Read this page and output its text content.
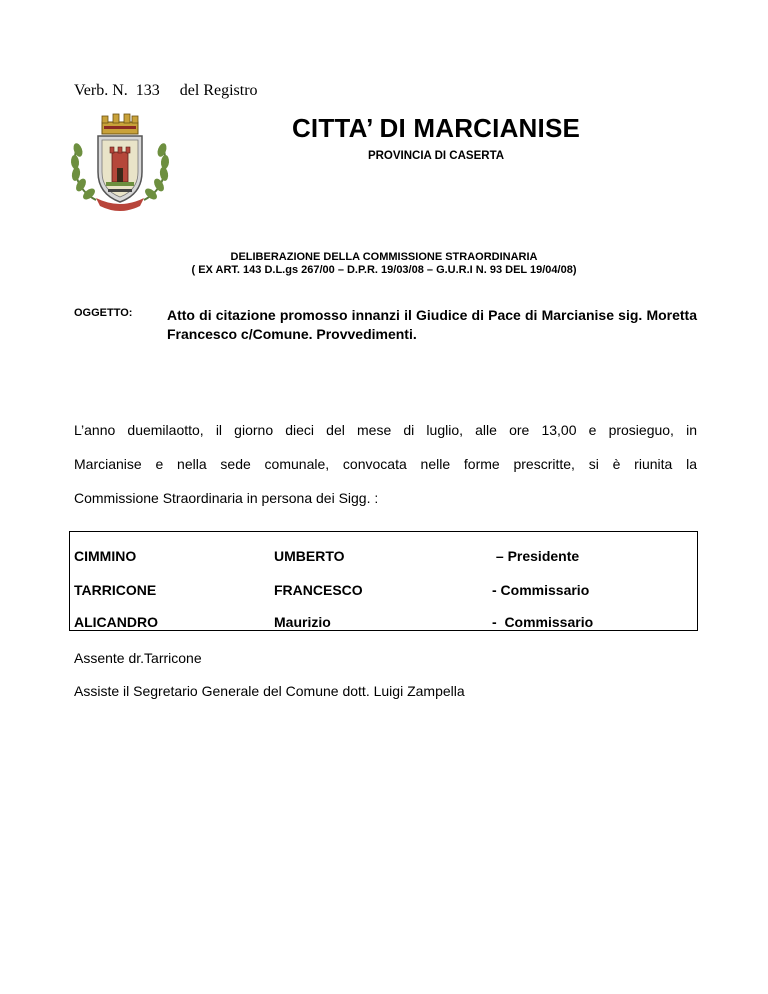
Verb. N.  133 del Registro
CITTA’ DI MARCIANISE
PROVINCIA DI CASERTA
DELIBERAZIONE DELLA COMMISSIONE STRAORDINARIA
( EX ART. 143 D.L.gs 267/00 – D.P.R. 19/03/08 – G.U.R.I N. 93 DEL 19/04/08)
OGGETTO: Atto di citazione promosso innanzi il Giudice di Pace di Marcianise sig. Moretta Francesco c/Comune. Provvedimenti.
L’anno duemilaotto, il giorno dieci del mese di luglio, alle ore 13,00 e prosieguo, in
Marcianise e nella sede comunale, convocata nelle forme prescritte, si è riunita la
Commissione Straordinaria in persona dei Sigg. :
CIMMINO	UMBERTO	– Presidente
TARRICONE	FRANCESCO	- Commissario
ALICANDRO	Maurizio	-  Commissario
Assente dr.Tarricone
Assiste il Segretario Generale del Comune dott. Luigi Zampella
